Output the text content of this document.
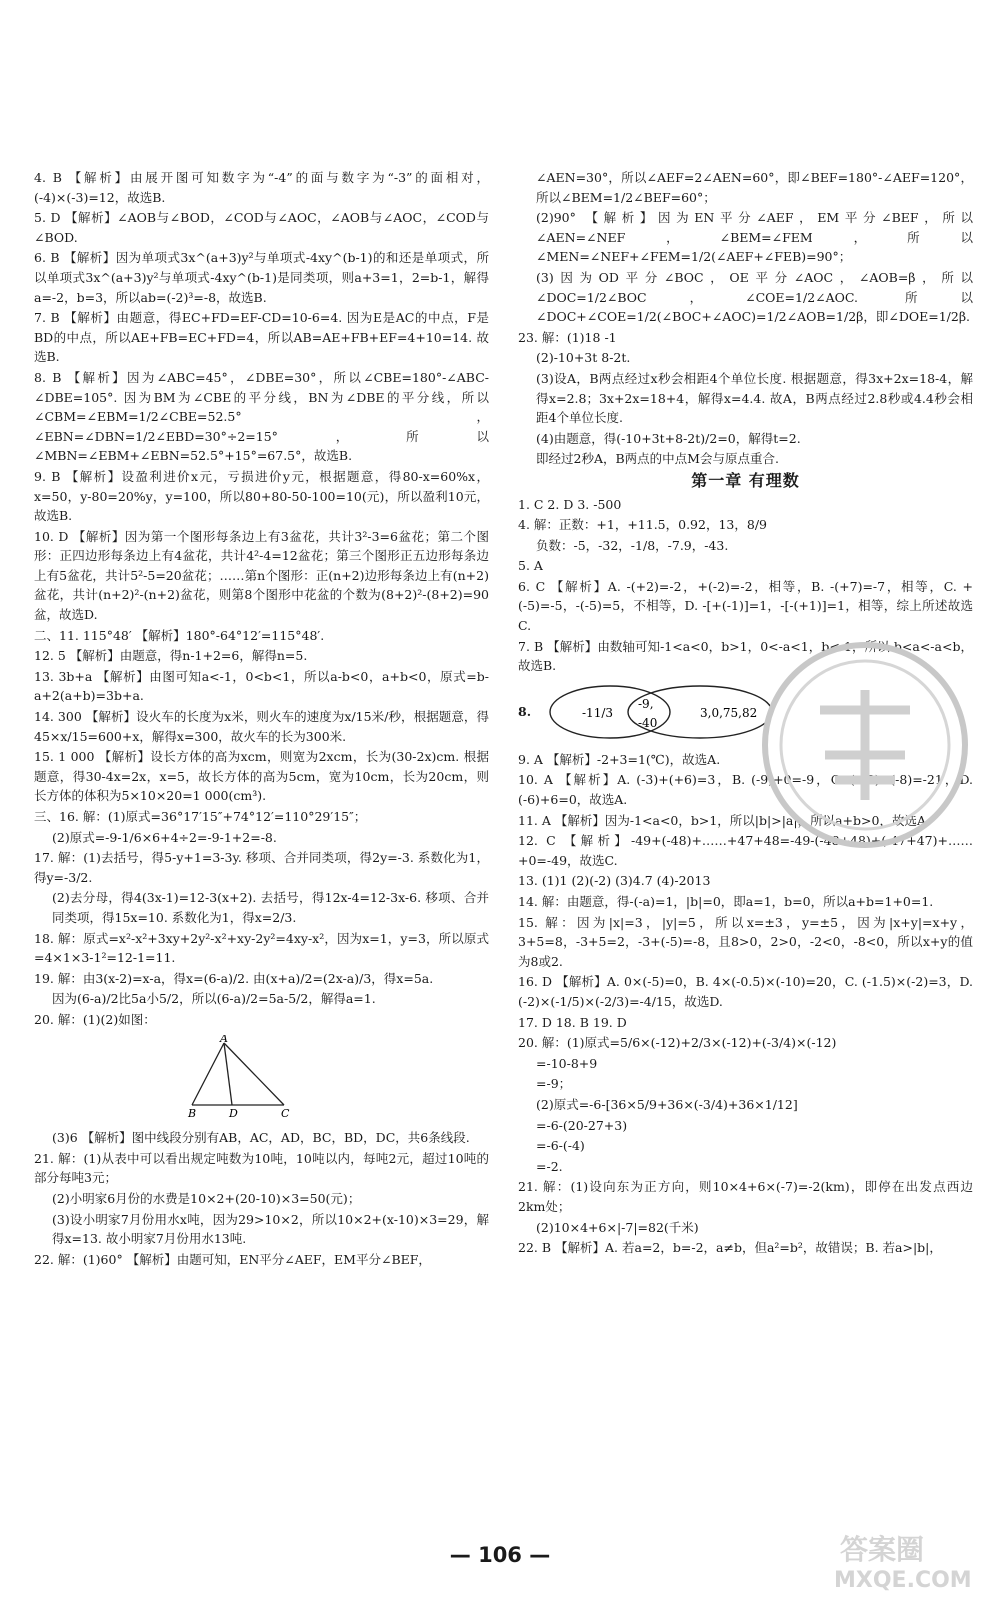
4. B 【解析】由展开图可知数字为“-4”的面与数字为“-3”的面相对，(-4)×(-3)=12，故选B.

5. D 【解析】∠AOB与∠BOD，∠COD与∠AOC，∠AOB与∠AOC，∠COD与∠BOD.

6. B 【解析】因为单项式3x^(a+3)y²与单项式-4xy^(b-1)的和还是单项式，所以单项式3x^(a+3)y²与单项式-4xy^(b-1)是同类项，则a+3=1，2=b-1，解得a=-2，b=3，所以ab=(-2)³=-8，故选B.

7. B 【解析】由题意，得EC+FD=EF-CD=10-6=4. 因为E是AC的中点，F是BD的中点，所以AE+FB=EC+FD=4，所以AB=AE+FB+EF=4+10=14. 故选B.

8. B 【解析】因为∠ABC=45°，∠DBE=30°，所以∠CBE=180°-∠ABC-∠DBE=105°. 因为BM为∠CBE的平分线，BN为∠DBE的平分线，所以∠CBM=∠EBM=1/2∠CBE=52.5°，∠EBN=∠DBN=1/2∠EBD=30°÷2=15°，所以∠MBN=∠EBM+∠EBN=52.5°+15°=67.5°，故选B.

9. B 【解析】设盈利进价x元，亏损进价y元，根据题意，得80-x=60%x，x=50，y-80=20%y，y=100，所以80+80-50-100=10(元)，所以盈利10元，故选B.

10. D 【解析】因为第一个图形每条边上有3盆花，共计3²-3=6盆花；第二个图形：正四边形每条边上有4盆花，共计4²-4=12盆花；第三个图形正五边形每条边上有5盆花，共计5²-5=20盆花；……第n个图形：正(n+2)边形每条边上有(n+2)盆花，共计(n+2)²-(n+2)盆花，则第8个图形中花盆的个数为(8+2)²-(8+2)=90盆，故选D.

二、11. 115°48′ 【解析】180°-64°12′=115°48′.

12. 5 【解析】由题意，得n-1+2=6，解得n=5.

13. 3b+a 【解析】由图可知a<-1，0<b<1，所以a-b<0，a+b<0，原式=b-a+2(a+b)=3b+a.

14. 300 【解析】设火车的长度为x米，则火车的速度为x/15米/秒，根据题意，得45×x/15=600+x，解得x=300，故火车的长为300米.

15. 1 000 【解析】设长方体的高为xcm，则宽为2xcm，长为(30-2x)cm. 根据题意，得30-4x=2x，x=5，故长方体的高为5cm，宽为10cm，长为20cm，则长方体的体积为5×10×20=1 000(cm³).

三、16. 解：(1)原式=36°17′15″+74°12′=110°29′15″；

(2)原式=-9-1/6×6+4÷2=-9-1+2=-8.

17. 解：(1)去括号，得5-y+1=3-3y. 移项、合并同类项，得2y=-3. 系数化为1，得y=-3/2.

(2)去分母，得4(3x-1)=12-3(x+2). 去括号，得12x-4=12-3x-6. 移项、合并同类项，得15x=10. 系数化为1，得x=2/3.

18. 解：原式=x²-x²+3xy+2y²-x²+xy-2y²=4xy-x²，因为x=1，y=3，所以原式=4×1×3-1²=12-1=11.

19. 解：由3(x-2)=x-a，得x=(6-a)/2. 由(x+a)/2=(2x-a)/3，得x=5a.

因为(6-a)/2比5a小5/2，所以(6-a)/2=5a-5/2，解得a=1.

20. 解：(1)(2)如图：

A
B	D	C

(3)6 【解析】图中线段分别有AB，AC，AD，BC，BD，DC，共6条线段.

21. 解：(1)从表中可以看出规定吨数为10吨，10吨以内，每吨2元，超过10吨的部分每吨3元；

(2)小明家6月份的水费是10×2+(20-10)×3=50(元)；

(3)设小明家7月份用水x吨，因为29>10×2，所以10×2+(x-10)×3=29，解得x=13. 故小明家7月份用水13吨.

22. 解：(1)60° 【解析】由题可知，EN平分∠AEF，EM平分∠BEF，

∠AEN=30°，所以∠AEF=2∠AEN=60°，即∠BEF=180°-∠AEF=120°，所以∠BEM=1/2∠BEF=60°；

(2)90° 【解析】因为EN平分∠AEF，EM平分∠BEF，所以∠AEN=∠NEF，∠BEM=∠FEM，所以∠MEN=∠NEF+∠FEM=1/2(∠AEF+∠FEB)=90°；

(3)因为OD平分∠BOC，OE平分∠AOC，∠AOB=β，所以∠DOC=1/2∠BOC，∠COE=1/2∠AOC. 所以∠DOC+∠COE=1/2(∠BOC+∠AOC)=1/2∠AOB=1/2β，即∠DOE=1/2β.

23. 解：(1)18 -1

(2)-10+3t 8-2t.

(3)设A，B两点经过x秒会相距4个单位长度. 根据题意，得3x+2x=18-4，解得x=2.8；3x+2x=18+4，解得x=4.4. 故A，B两点经过2.8秒或4.4秒会相距4个单位长度.

(4)由题意，得(-10+3t+8-2t)/2=0，解得t=2.

即经过2秒A，B两点的中点M会与原点重合.

第一章 有理数

1. C 2. D 3. -500

4. 解：正数：+1，+11.5，0.92，13，8/9

负数：-5，-32，-1/8，-7.9，-43.

5. A

6. C 【解析】A. -(+2)=-2，+(-2)=-2，相等，B. -(+7)=-7，相等，C. +(-5)=-5，-(-5)=5，不相等，D. -[+(-1)]=1，-[-(+1)]=1，相等，综上所述故选C.

7. B 【解析】由数轴可知-1<a<0，b>1，0<-a<1，b<-1，所以-b<a<-a<b，故选B.

8.	-11/3
-9,
-40
3,0,75,82

9. A 【解析】-2+3=1(℃)，故选A.

10. A 【解析】A. (-3)+(+6)=3，B. (-9)+0=-9，C. (-13)+(-8)=-21，D. (-6)+6=0，故选A.

11. A 【解析】因为-1<a<0，b>1，所以|b|>|a|，所以a+b>0，故选A.

12. C 【解析】-49+(-48)+……+47+48=-49-(-48+48)+(-47+47)+……+0=-49，故选C.

13. (1)1 (2)(-2) (3)4.7 (4)-2013

14. 解：由题意，得-(-a)=1，|b|=0，即a=1，b=0，所以a+b=1+0=1.

15. 解：因为|x|=3，|y|=5，所以x=±3，y=±5，因为|x+y|=x+y，3+5=8，-3+5=2，-3+(-5)=-8，且8>0，2>0，-2<0，-8<0，所以x+y的值为8或2.

16. D 【解析】A. 0×(-5)=0，B. 4×(-0.5)×(-10)=20，C. (-1.5)×(-2)=3，D. (-2)×(-1/5)×(-2/3)=-4/15，故选D.

17. D 18. B 19. D

20. 解：(1)原式=5/6×(-12)+2/3×(-12)+(-3/4)×(-12)

=-10-8+9

=-9；

(2)原式=-6-[36×5/9+36×(-3/4)+36×1/12]

=-6-(20-27+3)

=-6-(-4)

=-2.

21. 解：(1)设向东为正方向，则10×4+6×(-7)=-2(km)，即停在出发点西边2km处；

(2)10×4+6×|-7|=82(千米)

22. B 【解析】A. 若a=2，b=-2，a≠b，但a²=b²，故错误；B. 若a>|b|，

— 106 —	答案圈
MXQE.COM
